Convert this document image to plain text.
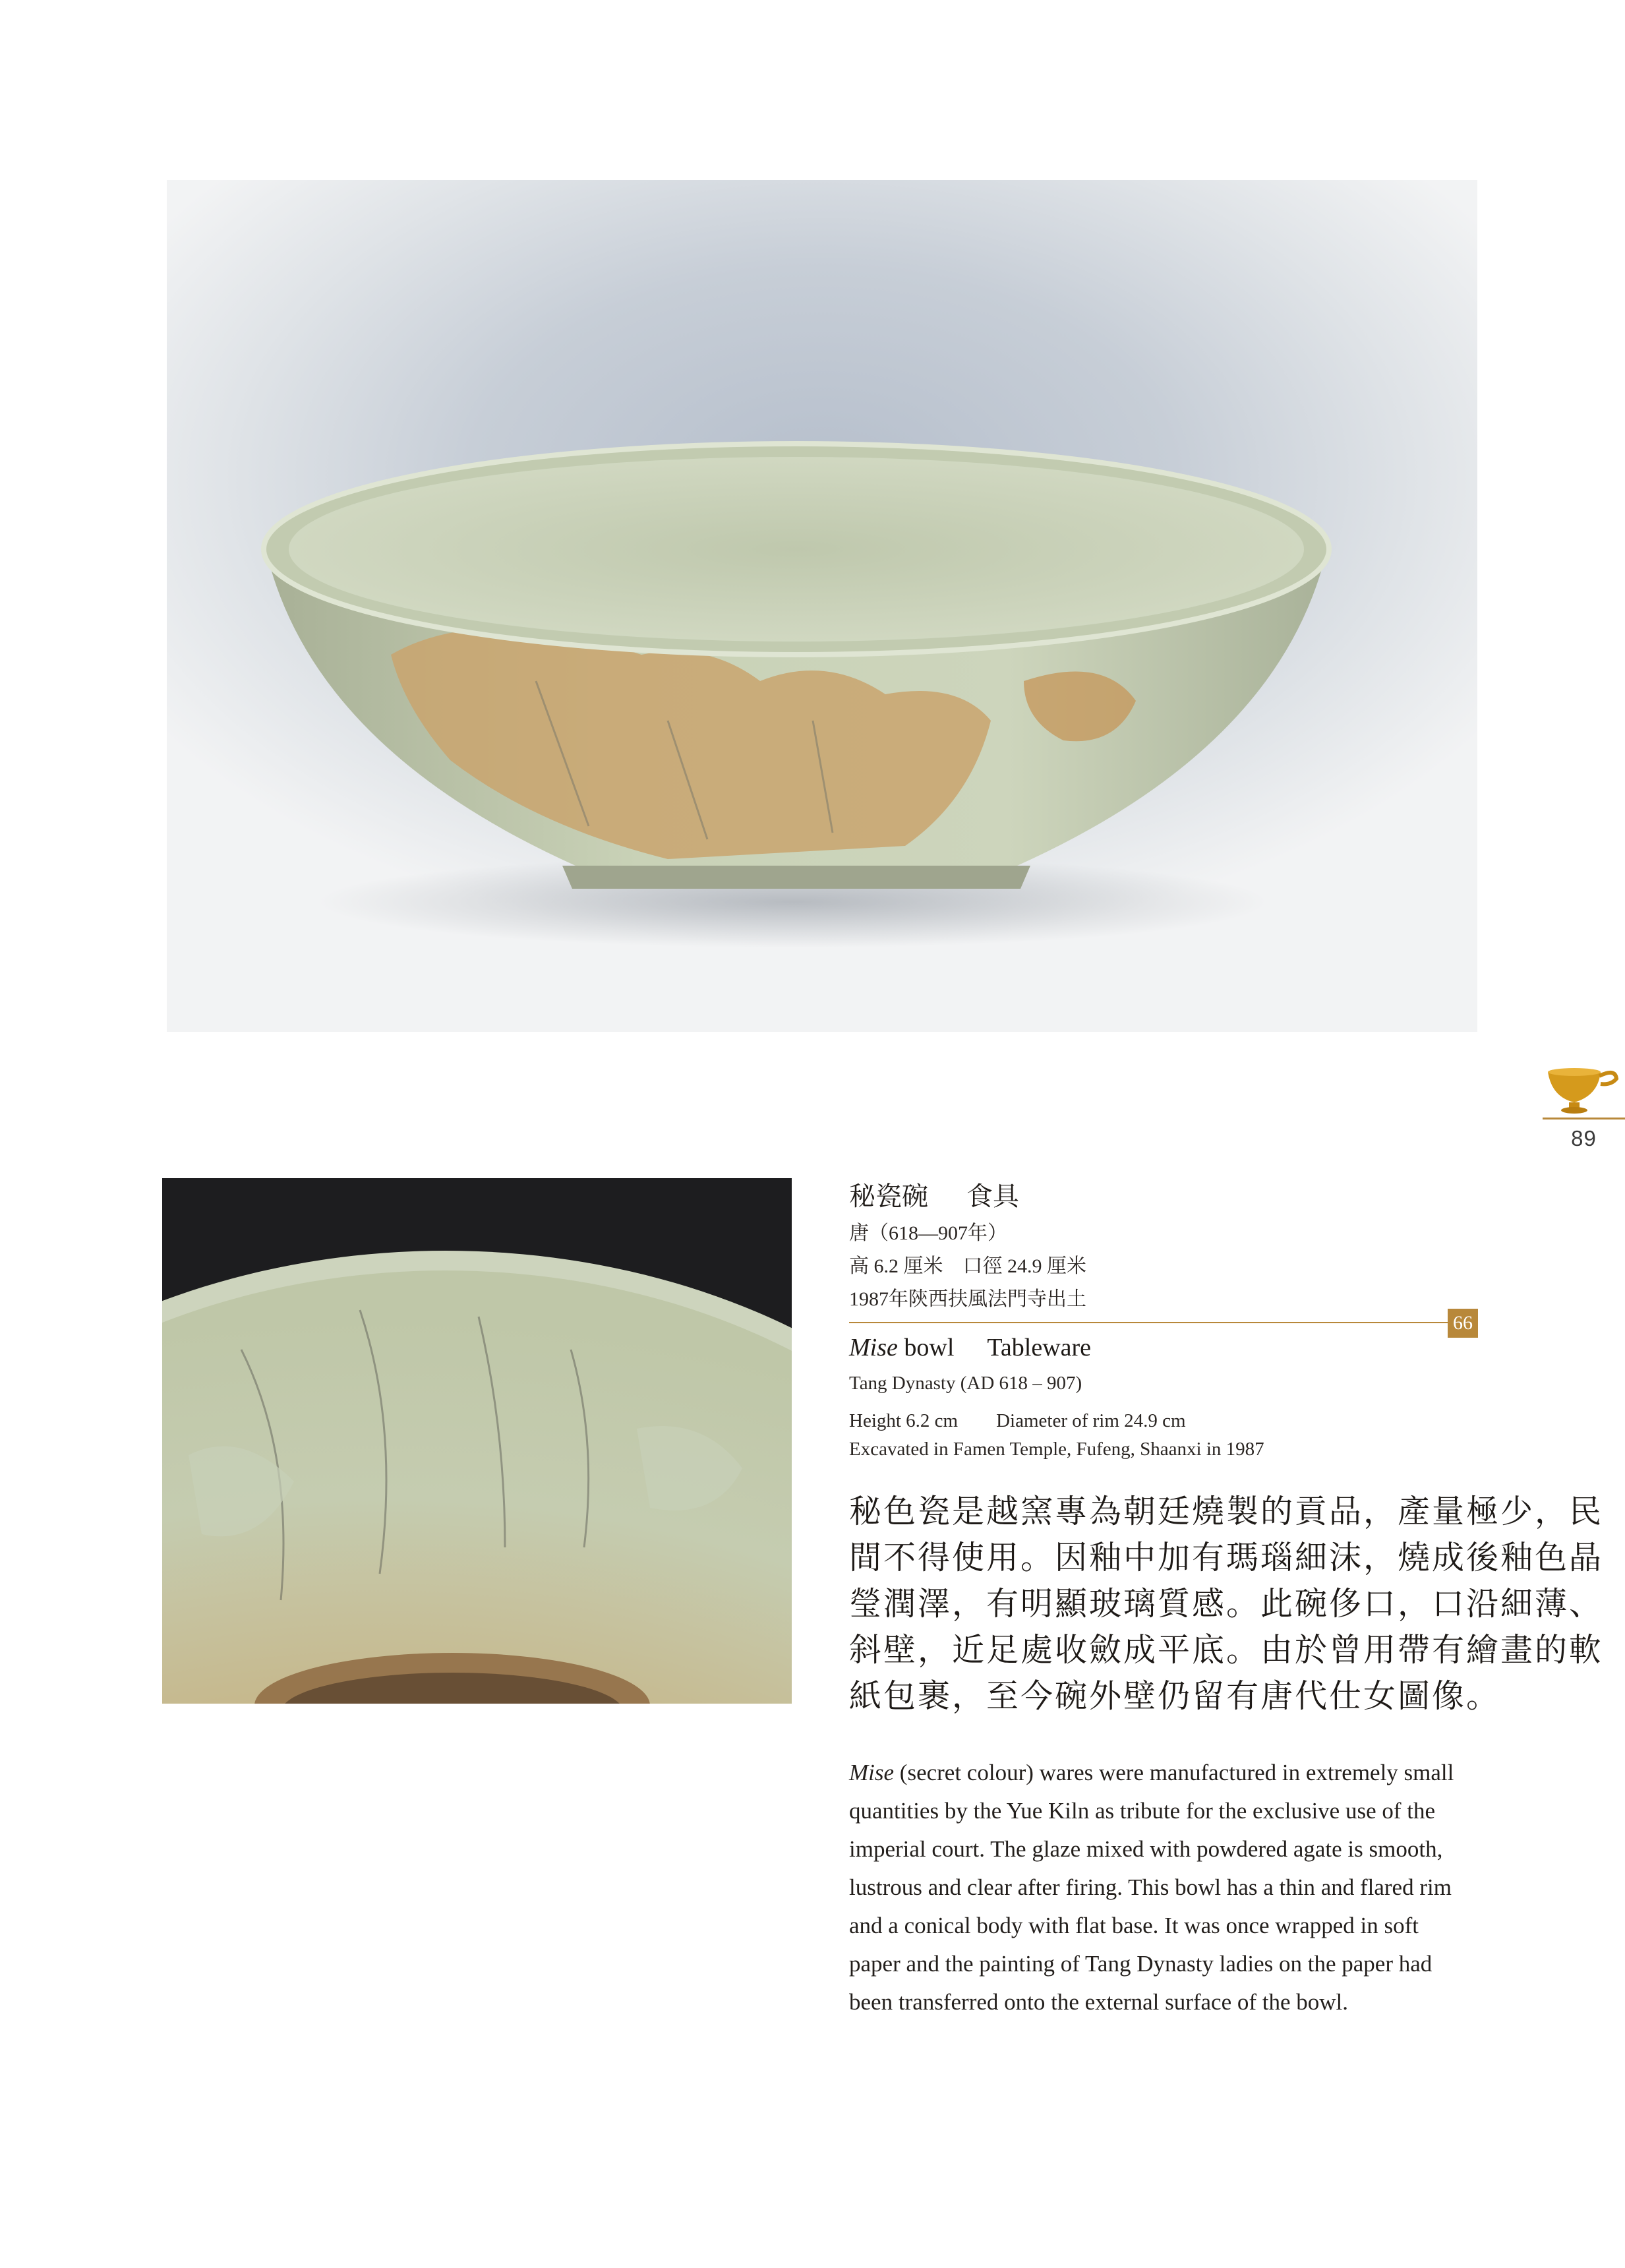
89
秘瓷碗 食具
唐（618—907年）
高 6.2 厘米　口徑 24.9 厘米
1987年陝西扶風法門寺出土
66
Mise bowl Tableware
Tang Dynasty (AD 618 – 907)
Height 6.2 cm　　Diameter of rim 24.9 cm
Excavated in Famen Temple, Fufeng, Shaanxi in 1987
秘色瓷是越窯專為朝廷燒製的貢品，產量極少，民
間不得使用。因釉中加有瑪瑙細沫，燒成後釉色晶
瑩潤澤，有明顯玻璃質感。此碗侈口，口沿細薄、
斜壁，近足處收斂成平底。由於曾用帶有繪畫的軟
紙包裹，至今碗外壁仍留有唐代仕女圖像。
Mise (secret colour) wares were manufactured in extremely small
quantities by the Yue Kiln as tribute for the exclusive use of the
imperial court. The glaze mixed with powdered agate is smooth,
lustrous and clear after firing. This bowl has a thin and flared rim
and a conical body with flat base. It was once wrapped in soft
paper and the painting of Tang Dynasty ladies on the paper had
been transferred onto the external surface of the bowl.
